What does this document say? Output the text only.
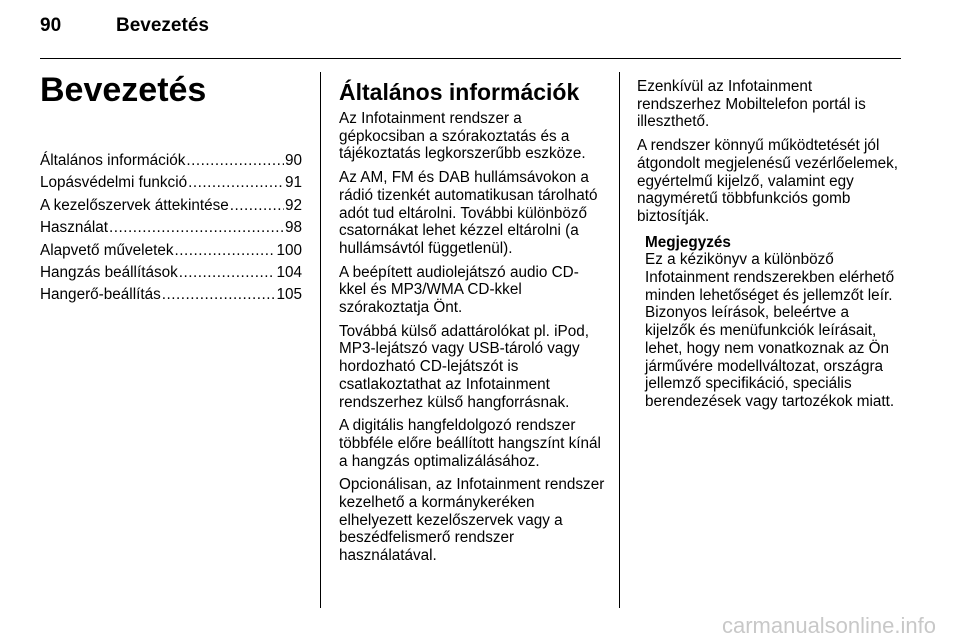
90	Bevezetés
Bevezetés
Általános információk .....	90
Lopásvédelmi funkció .....	91
A kezelőszervek áttekintése .....	92
Használat .....	98
Alapvető műveletek .....	100
Hangzás beállítások .....	104
Hangerő-beállítás .....	105
Általános információk

Az Infotainment rendszer a gépkocsiban a szórakoztatás és a tájékoztatás legkorszerűbb eszköze.

Az AM, FM és DAB hullámsávokon a rádió tizenkét automatikusan tárolható adót tud eltárolni. További különböző csatornákat lehet kézzel eltárolni (a hullámsávtól függetlenül).

A beépített audiolejátszó audio CD-kkel és MP3/WMA CD-kkel szórakoztatja Önt.

Továbbá külső adattárolókat pl. iPod, MP3-lejátszó vagy USB-tároló vagy hordozható CD-lejátszót is csatlakoztathat az Infotainment rendszerhez külső hangforrásnak.

A digitális hangfeldolgozó rendszer többféle előre beállított hangszínt kínál a hangzás optimalizálásához.

Opcionálisan, az Infotainment rendszer kezelhető a kormánykeréken elhelyezett kezelőszervek vagy a beszédfelismerő rendszer használatával.

Ezenkívül az Infotainment rendszerhez Mobiltelefon portál is illeszthető.

A rendszer könnyű működtetését jól átgondolt megjelenésű vezérlőelemek, egyértelmű kijelző, valamint egy nagyméretű többfunkciós gomb biztosítják.

Megjegyzés
Ez a kézikönyv a különböző Infotainment rendszerekben elérhető minden lehetőséget és jellemzőt leír. Bizonyos leírások, beleértve a kijelzők és menüfunkciók leírásait, lehet, hogy nem vonatkoznak az Ön járművére modellváltozat, országra jellemző specifikáció, speciális berendezések vagy tartozékok miatt.
carmanualsonline.info
